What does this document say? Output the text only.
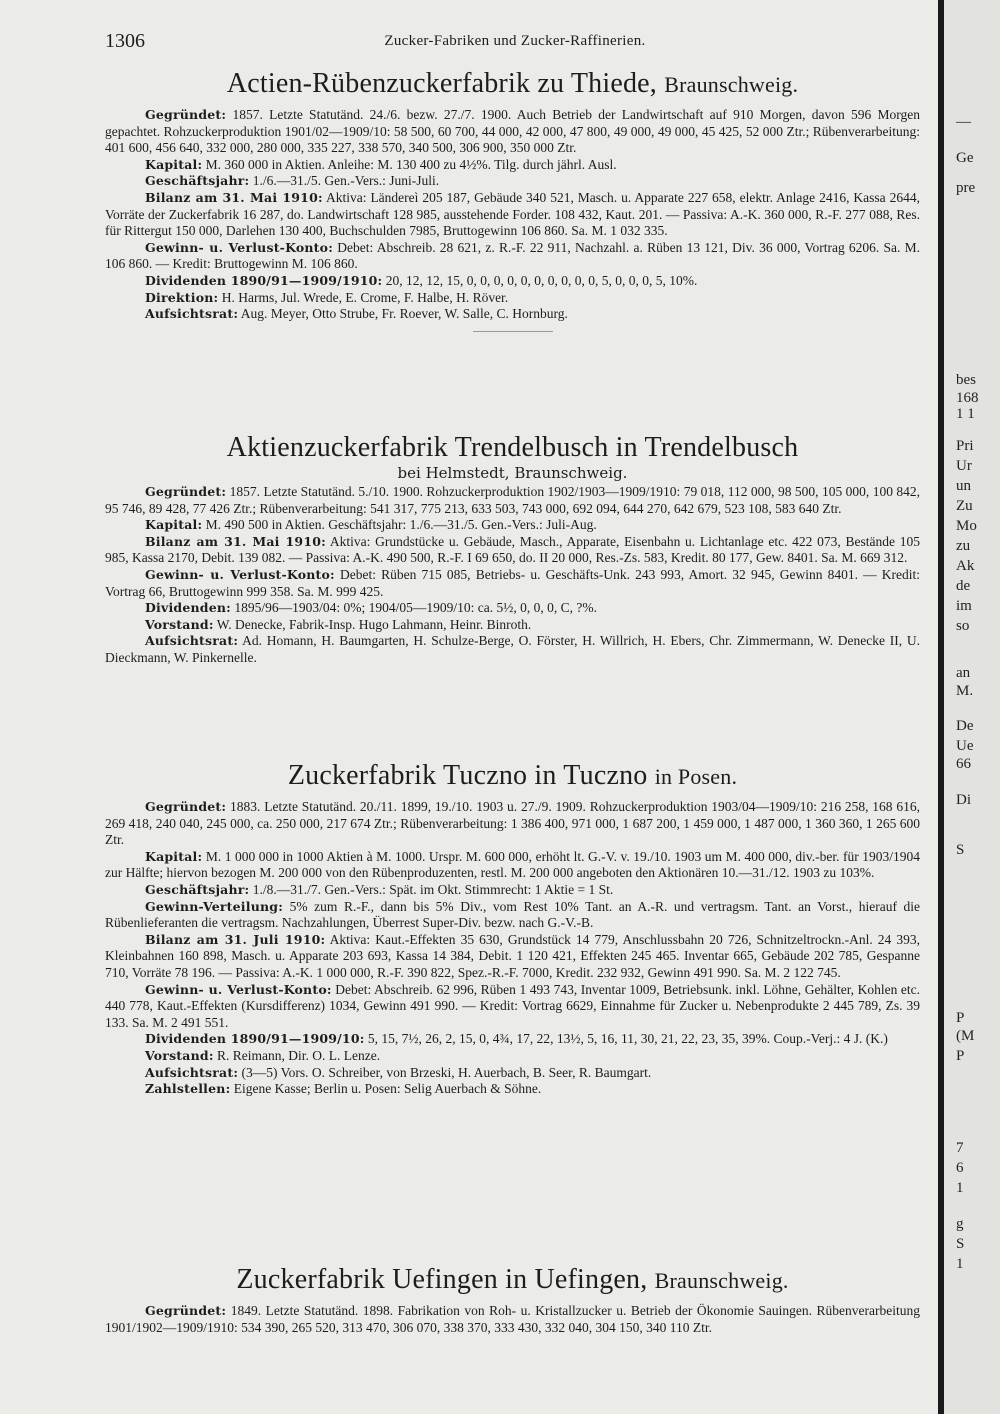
1306	Zucker-Fabriken und Zucker-Raffinerien.
Actien-Rübenzuckerfabrik zu Thiede, Braunschweig.
Gegründet: 1857. Letzte Statutänd. 24./6. bezw. 27./7. 1900. Auch Betrieb der Landwirtschaft auf 910 Morgen, davon 596 Morgen gepachtet. Rohzuckerproduktion 1901/02—1909/10: 58 500, 60 700, 44 000, 42 000, 47 800, 49 000, 49 000, 45 425, 52 000 Ztr.; Rübenverarbeitung: 401 600, 456 640, 332 000, 280 000, 335 227, 338 570, 340 500, 306 900, 350 000 Ztr.
Kapital: M. 360 000 in Aktien. Anleihe: M. 130 400 zu 4½%. Tilg. durch jährl. Ausl.
Geschäftsjahr: 1./6.—31./5. Gen.-Vers.: Juni-Juli.
Bilanz am 31. Mai 1910: Aktiva: Ländereì 205 187, Gebäude 340 521, Masch. u. Apparate 227 658, elektr. Anlage 2416, Kassa 2644, Vorräte der Zuckerfabrik 16 287, do. Landwirtschaft 128 985, ausstehende Forder. 108 432, Kaut. 201. — Passiva: A.-K. 360 000, R.-F. 277 088, Res. für Rittergut 150 000, Darlehen 130 400, Buchschulden 7985, Bruttogewinn 106 860. Sa. M. 1 032 335.
Gewinn- u. Verlust-Konto: Debet: Abschreib. 28 621, z. R.-F. 22 911, Nachzahl. a. Rüben 13 121, Div. 36 000, Vortrag 6206. Sa. M. 106 860. — Kredit: Bruttogewinn M. 106 860.
Dividenden 1890/91—1909/1910: 20, 12, 12, 15, 0, 0, 0, 0, 0, 0, 0, 0, 0, 0, 5, 0, 0, 0, 5, 10%.
Direktion: H. Harms, Jul. Wrede, E. Crome, F. Halbe, H. Röver.
Aufsichtsrat: Aug. Meyer, Otto Strube, Fr. Roever, W. Salle, C. Hornburg.
Aktienzuckerfabrik Trendelbusch in Trendelbusch
bei Helmstedt, Braunschweig.
Gegründet: 1857. Letzte Statutänd. 5./10. 1900. Rohzuckerproduktion 1902/1903—1909/1910: 79 018, 112 000, 98 500, 105 000, 100 842, 95 746, 89 428, 77 426 Ztr.; Rübenverarbeitung: 541 317, 775 213, 633 503, 743 000, 692 094, 644 270, 642 679, 523 108, 583 640 Ztr.
Kapital: M. 490 500 in Aktien. Geschäftsjahr: 1./6.—31./5. Gen.-Vers.: Juli-Aug.
Bilanz am 31. Mai 1910: Aktiva: Grundstücke u. Gebäude, Masch., Apparate, Eisenbahn u. Lichtanlage etc. 422 073, Bestände 105 985, Kassa 2170, Debit. 139 082. — Passiva: A.-K. 490 500, R.-F. I 69 650, do. II 20 000, Res.-Zs. 583, Kredit. 80 177, Gew. 8401. Sa. M. 669 312.
Gewinn- u. Verlust-Konto: Debet: Rüben 715 085, Betriebs- u. Geschäfts-Unk. 243 993, Amort. 32 945, Gewinn 8401. — Kredit: Vortrag 66, Bruttogewinn 999 358. Sa. M. 999 425.
Dividenden: 1895/96—1903/04: 0%; 1904/05—1909/10: ca. 5½, 0, 0, 0, C, ?%.
Vorstand: W. Denecke, Fabrik-Insp. Hugo Lahmann, Heinr. Binroth.
Aufsichtsrat: Ad. Homann, H. Baumgarten, H. Schulze-Berge, O. Förster, H. Willrich, H. Ebers, Chr. Zimmermann, W. Denecke II, U. Dieckmann, W. Pinkernelle.
Zuckerfabrik Tuczno in Tuczno in Posen.
Gegründet: 1883. Letzte Statutänd. 20./11. 1899, 19./10. 1903 u. 27./9. 1909. Rohzuckerproduktion 1903/04—1909/10: 216 258, 168 616, 269 418, 240 040, 245 000, ca. 250 000, 217 674 Ztr.; Rübenverarbeitung: 1 386 400, 971 000, 1 687 200, 1 459 000, 1 487 000, 1 360 360, 1 265 600 Ztr.
Kapital: M. 1 000 000 in 1000 Aktien à M. 1000. Urspr. M. 600 000, erhöht lt. G.-V. v. 19./10. 1903 um M. 400 000, div.-ber. für 1903/1904 zur Hälfte; hiervon bezogen M. 200 000 von den Rübenproduzenten, restl. M. 200 000 angeboten den Aktionären 10.—31./12. 1903 zu 103%.
Geschäftsjahr: 1./8.—31./7. Gen.-Vers.: Spät. im Okt. Stimmrecht: 1 Aktie = 1 St.
Gewinn-Verteilung: 5% zum R.-F., dann bis 5% Div., vom Rest 10% Tant. an A.-R. und vertragsm. Tant. an Vorst., hierauf die Rübenlieferanten die vertragsm. Nachzahlungen, Überrest Super-Div. bezw. nach G.-V.-B.
Bilanz am 31. Juli 1910: Aktiva: Kaut.-Effekten 35 630, Grundstück 14 779, Anschlussbahn 20 726, Schnitzeltrockn.-Anl. 24 393, Kleinbahnen 160 898, Masch. u. Apparate 203 693, Kassa 14 384, Debit. 1 120 421, Effekten 245 465. Inventar 665, Gebäude 202 785, Gespanne 710, Vorräte 78 196. — Passiva: A.-K. 1 000 000, R.-F. 390 822, Spez.-R.-F. 7000, Kredit. 232 932, Gewinn 491 990. Sa. M. 2 122 745.
Gewinn- u. Verlust-Konto: Debet: Abschreib. 62 996, Rüben 1 493 743, Inventar 1009, Betriebsunk. inkl. Löhne, Gehälter, Kohlen etc. 440 778, Kaut.-Effekten (Kursdifferenz) 1034, Gewinn 491 990. — Kredit: Vortrag 6629, Einnahme für Zucker u. Nebenprodukte 2 445 789, Zs. 39 133. Sa. M. 2 491 551.
Dividenden 1890/91—1909/10: 5, 15, 7½, 26, 2, 15, 0, 4¾, 17, 22, 13½, 5, 16, 11, 30, 21, 22, 23, 35, 39%. Coup.-Verj.: 4 J. (K.)
Vorstand: R. Reimann, Dir. O. L. Lenze.
Aufsichtsrat: (3—5) Vors. O. Schreiber, von Brzeski, H. Auerbach, B. Seer, R. Baumgart.
Zahlstellen: Eigene Kasse; Berlin u. Posen: Selig Auerbach & Söhne.
Zuckerfabrik Uefingen in Uefingen, Braunschweig.
Gegründet: 1849. Letzte Statutänd. 1898. Fabrikation von Roh- u. Kristallzucker u. Betrieb der Ökonomie Sauingen. Rübenverarbeitung 1901/1902—1909/1910: 534 390, 265 520, 313 470, 306 070, 338 370, 333 430, 332 040, 304 150, 340 110 Ztr.
—
Ge
pre
bes
168
1 1
Pri
Ur
un
Zu
Mo
zu
Ak
de
im
so
an
M.
De
Ue
66
Di
S
P
(M
P
7
6
1
g
S
1
